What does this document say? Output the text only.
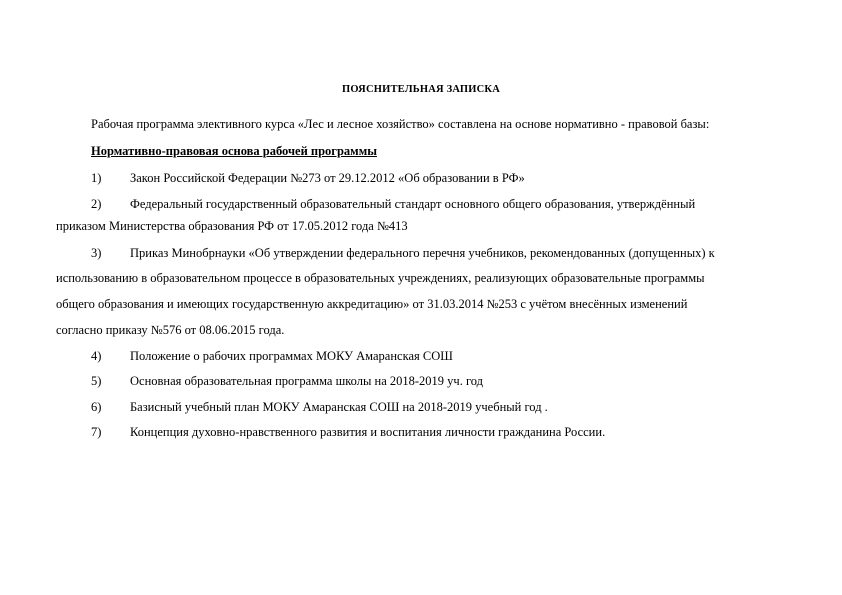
ПОЯСНИТЕЛЬНАЯ ЗАПИСКА
Рабочая программа элективного курса «Лес и лесное хозяйство» составлена на основе нормативно - правовой базы:
Нормативно-правовая основа рабочей программы
1) Закон Российской Федерации №273 от 29.12.2012 «Об образовании в РФ»
2) Федеральный государственный образовательный стандарт основного общего образования, утверждённый
приказом Министерства образования РФ от 17.05.2012 года №413
3) Приказ Минобрнауки «Об утверждении федерального перечня учебников, рекомендованных (допущенных) к
использованию в образовательном процессе в образовательных учреждениях, реализующих образовательные программы
общего образования и имеющих государственную аккредитацию» от 31.03.2014 №253 с учётом внесённых изменений
согласно приказу №576 от 08.06.2015 года.
4) Положение о рабочих программах МОКУ Амаранская СОШ
5) Основная образовательная программа школы на 2018-2019 уч. год
6) Базисный учебный план МОКУ Амаранская СОШ на 2018-2019 учебный год .
7) Концепция духовно-нравственного развития и воспитания личности гражданина России.
